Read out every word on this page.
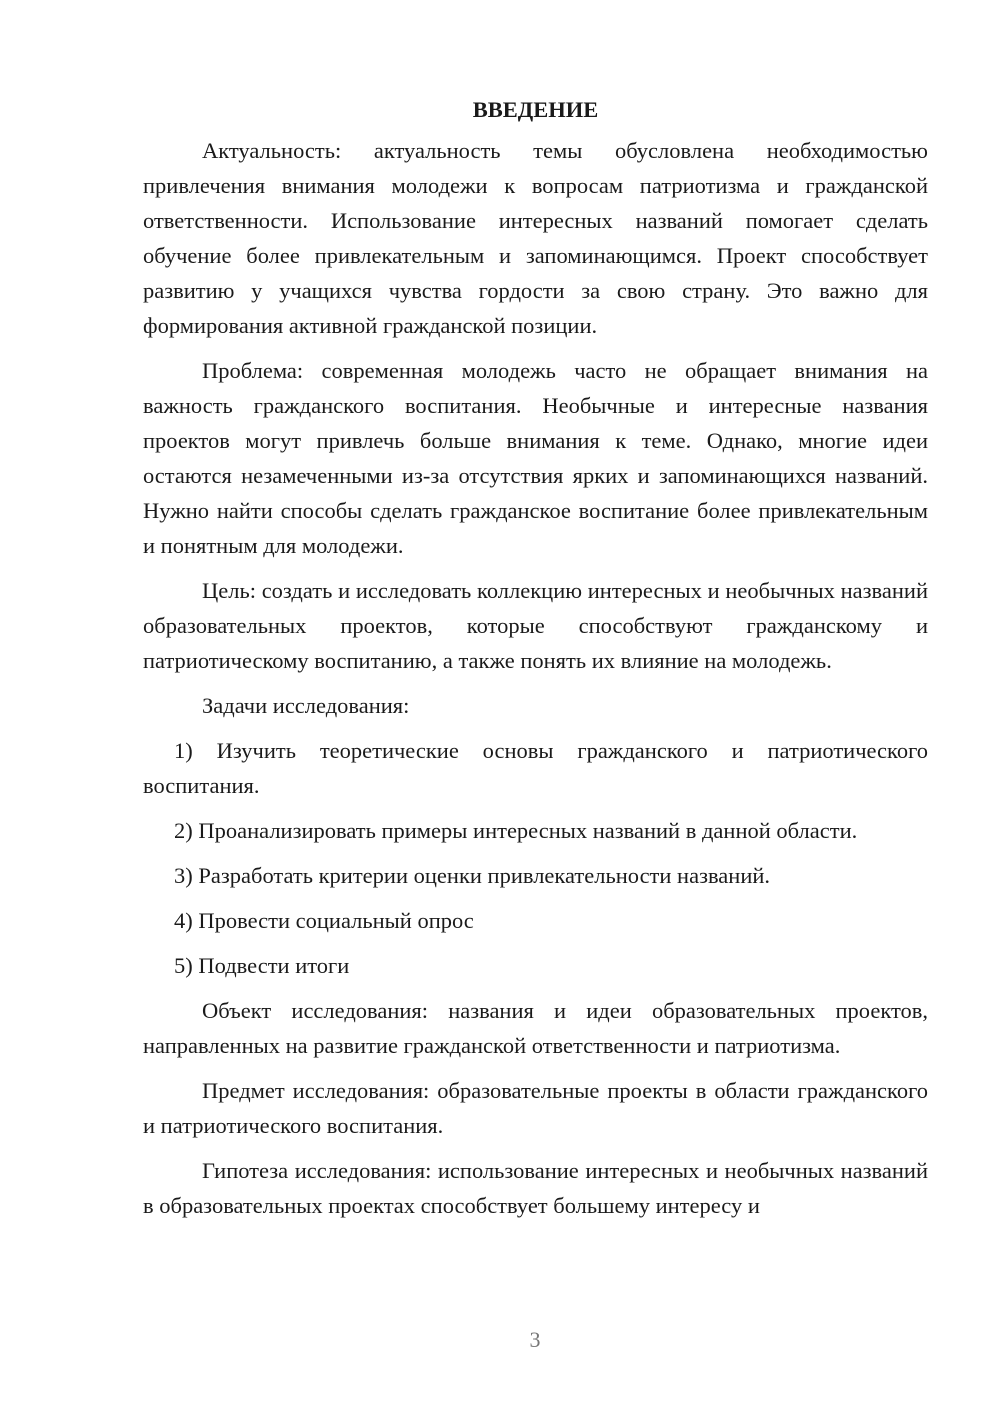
ВВЕДЕНИЕ

Актуальность: актуальность темы обусловлена необходимостью привлечения внимания молодежи к вопросам патриотизма и гражданской ответственности. Использование интересных названий помогает сделать обучение более привлекательным и запоминающимся. Проект способствует развитию у учащихся чувства гордости за свою страну. Это важно для формирования активной гражданской позиции.

Проблема: современная молодежь часто не обращает внимания на важность гражданского воспитания. Необычные и интересные названия проектов могут привлечь больше внимания к теме. Однако, многие идеи остаются незамеченными из-за отсутствия ярких и запоминающихся названий. Нужно найти способы сделать гражданское воспитание более привлекательным и понятным для молодежи.

Цель: создать и исследовать коллекцию интересных и необычных названий образовательных проектов, которые способствуют гражданскому и патриотическому воспитанию, а также понять их влияние на молодежь.

Задачи исследования:

1) Изучить теоретические основы гражданского и патриотического воспитания.

2) Проанализировать примеры интересных названий в данной области.

3) Разработать критерии оценки привлекательности названий.

4) Провести социальный опрос

5) Подвести итоги

Объект исследования: названия и идеи образовательных проектов, направленных на развитие гражданской ответственности и патриотизма.

Предмет исследования: образовательные проекты в области гражданского и патриотического воспитания.

Гипотеза исследования: использование интересных и необычных названий в образовательных проектах способствует большему интересу и

3
